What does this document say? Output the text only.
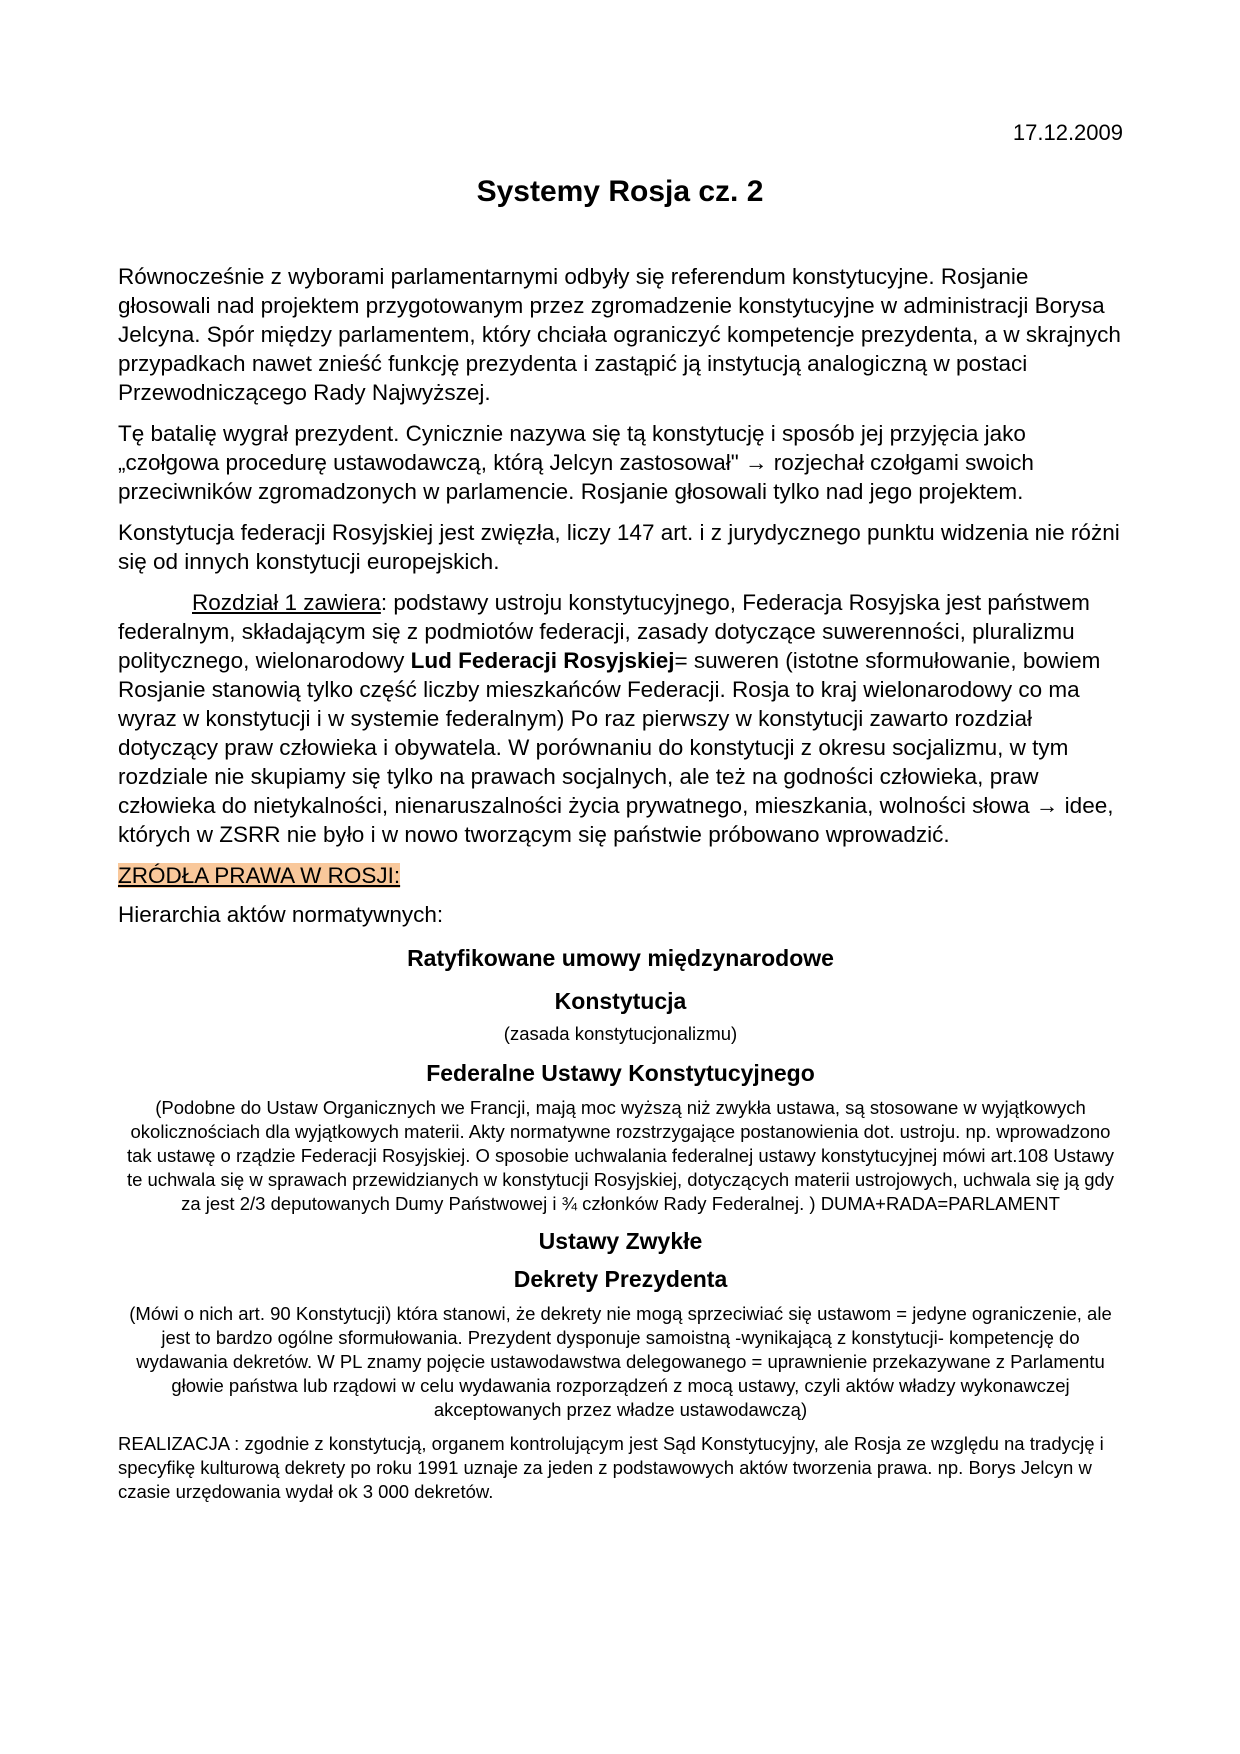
17.12.2009
Systemy Rosja cz. 2

Równocześnie z wyborami parlamentarnymi odbyły się referendum konstytucyjne. Rosjanie głosowali nad projektem przygotowanym przez zgromadzenie konstytucyjne w administracji Borysa Jelcyna. Spór między parlamentem, który chciała ograniczyć kompetencje prezydenta, a w skrajnych przypadkach nawet znieść funkcję prezydenta i zastąpić ją instytucją analogiczną w postaci Przewodniczącego Rady Najwyższej.

Tę batalię wygrał prezydent. Cynicznie nazywa się tą konstytucję i sposób jej przyjęcia jako „czołgowa procedurę ustawodawczą, którą Jelcyn zastosował" → rozjechał czołgami swoich przeciwników zgromadzonych w parlamencie. Rosjanie głosowali tylko nad jego projektem.

Konstytucja federacji Rosyjskiej jest zwięzła, liczy 147 art. i z jurydycznego punktu widzenia nie różni się od innych konstytucji europejskich.

Rozdział 1 zawiera: podstawy ustroju konstytucyjnego, Federacja Rosyjska jest państwem federalnym, składającym się z podmiotów federacji, zasady dotyczące suwerenności, pluralizmu politycznego, wielonarodowy Lud Federacji Rosyjskiej= suweren (istotne sformułowanie, bowiem Rosjanie stanowią tylko część liczby mieszkańców Federacji. Rosja to kraj wielonarodowy co ma wyraz w konstytucji i w systemie federalnym) Po raz pierwszy w konstytucji zawarto rozdział dotyczący praw człowieka i obywatela. W porównaniu do konstytucji z okresu socjalizmu, w tym rozdziale nie skupiamy się tylko na prawach socjalnych, ale też na godności człowieka, praw człowieka do nietykalności, nienaruszalności życia prywatnego, mieszkania, wolności słowa → idee, których w ZSRR nie było i w nowo tworzącym się państwie próbowano wprowadzić.

ZRÓDŁA PRAWA W ROSJI:

Hierarchia aktów normatywnych:

Ratyfikowane umowy międzynarodowe
Konstytucja
(zasada konstytucjonalizmu)
Federalne Ustawy Konstytucyjnego
(Podobne do Ustaw Organicznych we Francji, mają moc wyższą niż zwykła ustawa, są stosowane w wyjątkowych okolicznościach dla wyjątkowych materii. Akty normatywne rozstrzygające postanowienia dot. ustroju. np. wprowadzono tak ustawę o rządzie Federacji Rosyjskiej. O sposobie uchwalania federalnej ustawy konstytucyjnej mówi art.108 Ustawy te uchwala się w sprawach przewidzianych w konstytucji Rosyjskiej, dotyczących materii ustrojowych, uchwala się ją gdy za jest 2/3 deputowanych Dumy Państwowej i ¾ członków Rady Federalnej. ) DUMA+RADA=PARLAMENT
Ustawy Zwykłe
Dekrety Prezydenta
(Mówi o nich art. 90 Konstytucji) która stanowi, że dekrety nie mogą sprzeciwiać się ustawom = jedyne ograniczenie, ale jest to bardzo ogólne sformułowania. Prezydent dysponuje samoistną -wynikającą z konstytucji- kompetencję do wydawania dekretów. W PL znamy pojęcie ustawodawstwa delegowanego = uprawnienie przekazywane z Parlamentu głowie państwa lub rządowi w celu wydawania rozporządzeń z mocą ustawy, czyli aktów władzy wykonawczej akceptowanych przez władze ustawodawczą)

REALIZACJA : zgodnie z konstytucją, organem kontrolującym jest Sąd Konstytucyjny, ale Rosja ze względu na tradycję i specyfikę kulturową dekrety po roku 1991 uznaje za jeden z podstawowych aktów tworzenia prawa. np. Borys Jelcyn w czasie urzędowania wydał ok 3 000 dekretów.
